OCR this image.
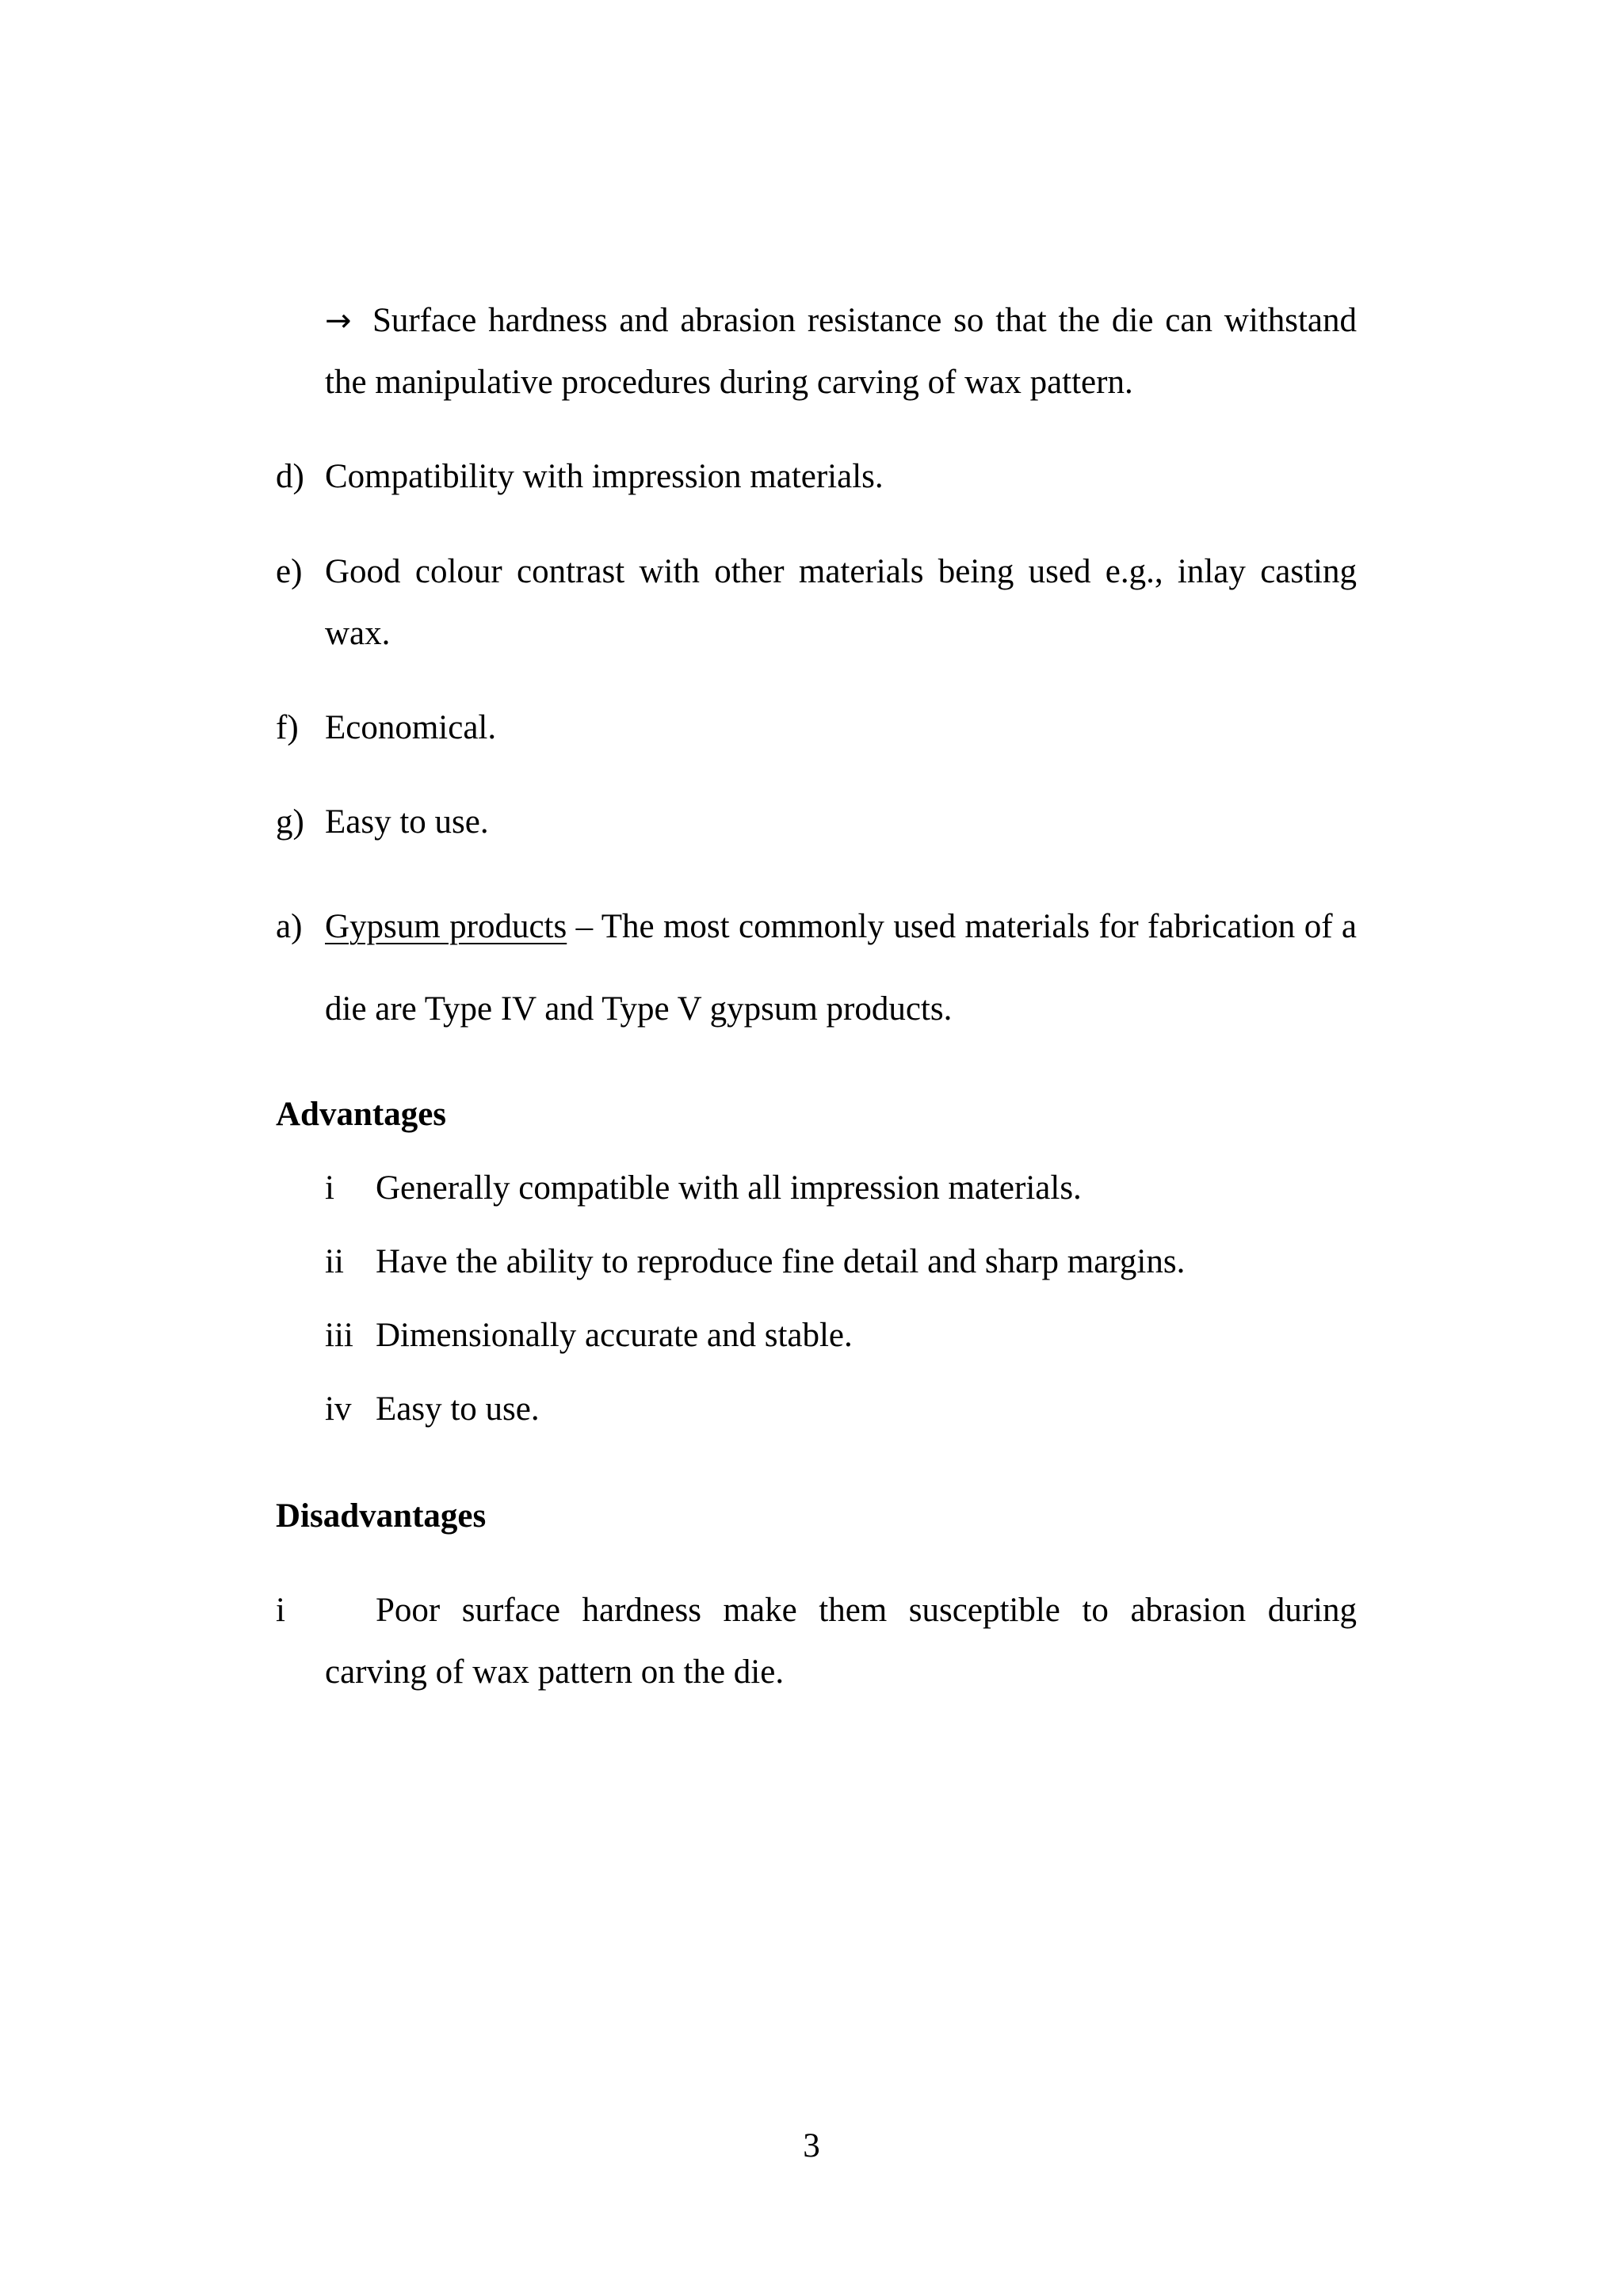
→ Surface hardness and abrasion resistance so that the die can withstand the manipulative procedures during carving of wax pattern.
d) Compatibility with impression materials.
e) Good colour contrast with other materials being used e.g., inlay casting wax.
f) Economical.
g) Easy to use.
a) Gypsum products – The most commonly used materials for fabrication of a die are Type IV and Type V gypsum products.
Advantages
i Generally compatible with all impression materials.
ii Have the ability to reproduce fine detail and sharp margins.
iii Dimensionally accurate and stable.
iv Easy to use.
Disadvantages
i	Poor surface hardness make them susceptible to abrasion during carving of wax pattern on the die.
3
